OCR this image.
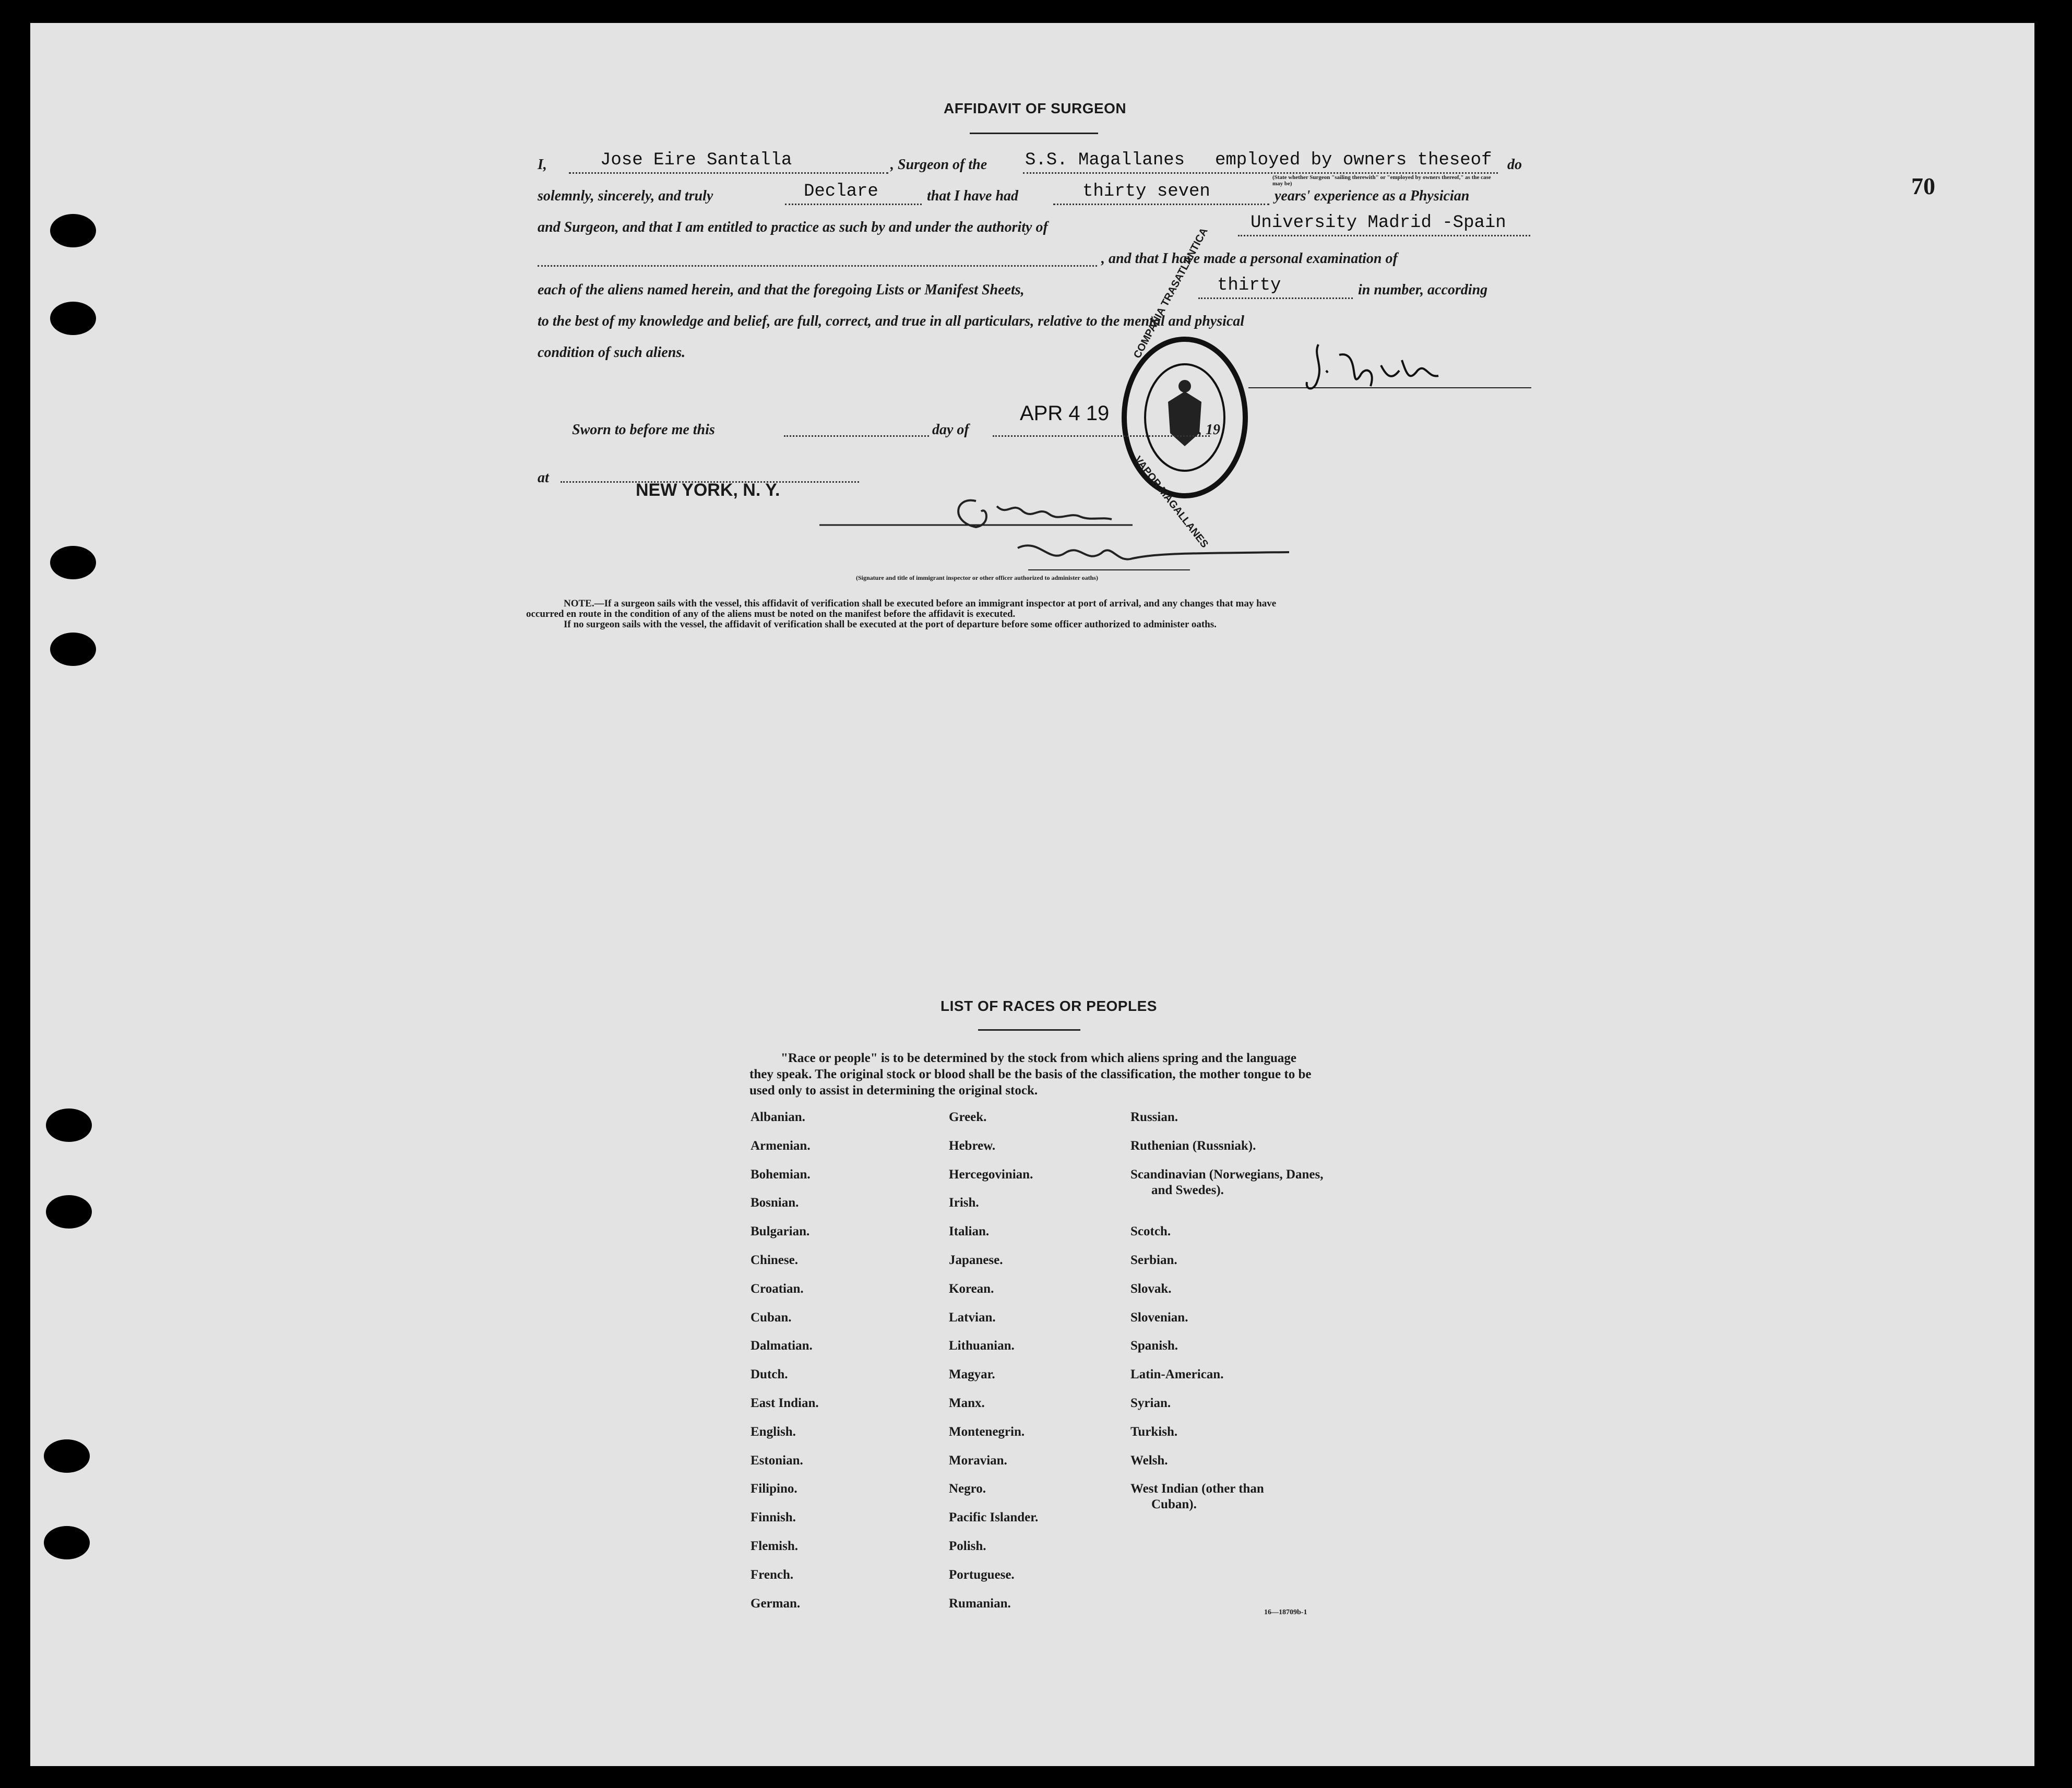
70
AFFIDAVIT OF SURGEON
I,	Jose Eire Santalla	, Surgeon of the S.S. Magallanes employed by owners theseof do
(State whether Surgeon "sailing therewith" or "employed by owners thereof," as the case may be)
solemnly, sincerely, and truly	Declare	that I have had	thirty seven	years' experience as a Physician
and Surgeon, and that I am entitled to practice as such by and under the authority of	University Madrid -Spain
, and that I have made a personal examination of
each of the aliens named herein, and that the foregoing Lists or Manifest Sheets,	thirty	in number, according
to the best of my knowledge and belief, are full, correct, and true in all particulars, relative to the mental and physical
condition of such aliens.	COMPAÑIA TRASATLANTICA
VAPOR MAGALLANES
Sworn to before me this	day of
APR 4 19
, 19
at
NEW YORK, N. Y.
(Signature and title of immigrant inspector or other officer authorized to administer oaths)
NOTE.—If a surgeon sails with the vessel, this affidavit of verification shall be executed before an immigrant inspector at port of arrival, and any changes that may have
occurred en route in the condition of any of the aliens must be noted on the manifest before the affidavit is executed.
If no surgeon sails with the vessel, the affidavit of verification shall be executed at the port of departure before some officer authorized to administer oaths.
LIST OF RACES OR PEOPLES
"Race or people" is to be determined by the stock from which aliens spring and the language they speak. The original stock or blood shall be the basis of the classification, the mother tongue to be used only to assist in determining the original stock.
Albanian.
Armenian.
Bohemian.
Bosnian.
Bulgarian.
Chinese.
Croatian.
Cuban.
Dalmatian.
Dutch.
East Indian.
English.
Estonian.
Filipino.
Finnish.
Flemish.
French.
German.
Greek.
Hebrew.
Hercegovinian.
Irish.
Italian.
Japanese.
Korean.
Latvian.
Lithuanian.
Magyar.
Manx.
Montenegrin.
Moravian.
Negro.
Pacific Islander.
Polish.
Portuguese.
Rumanian.
Russian.
Ruthenian (Russniak).
Scandinavian (Norwegians, Danes, and Swedes).
Scotch.
Serbian.
Slovak.
Slovenian.
Spanish.
Latin-American.
Syrian.
Turkish.
Welsh.
West Indian (other than Cuban).
16—18709b-1
